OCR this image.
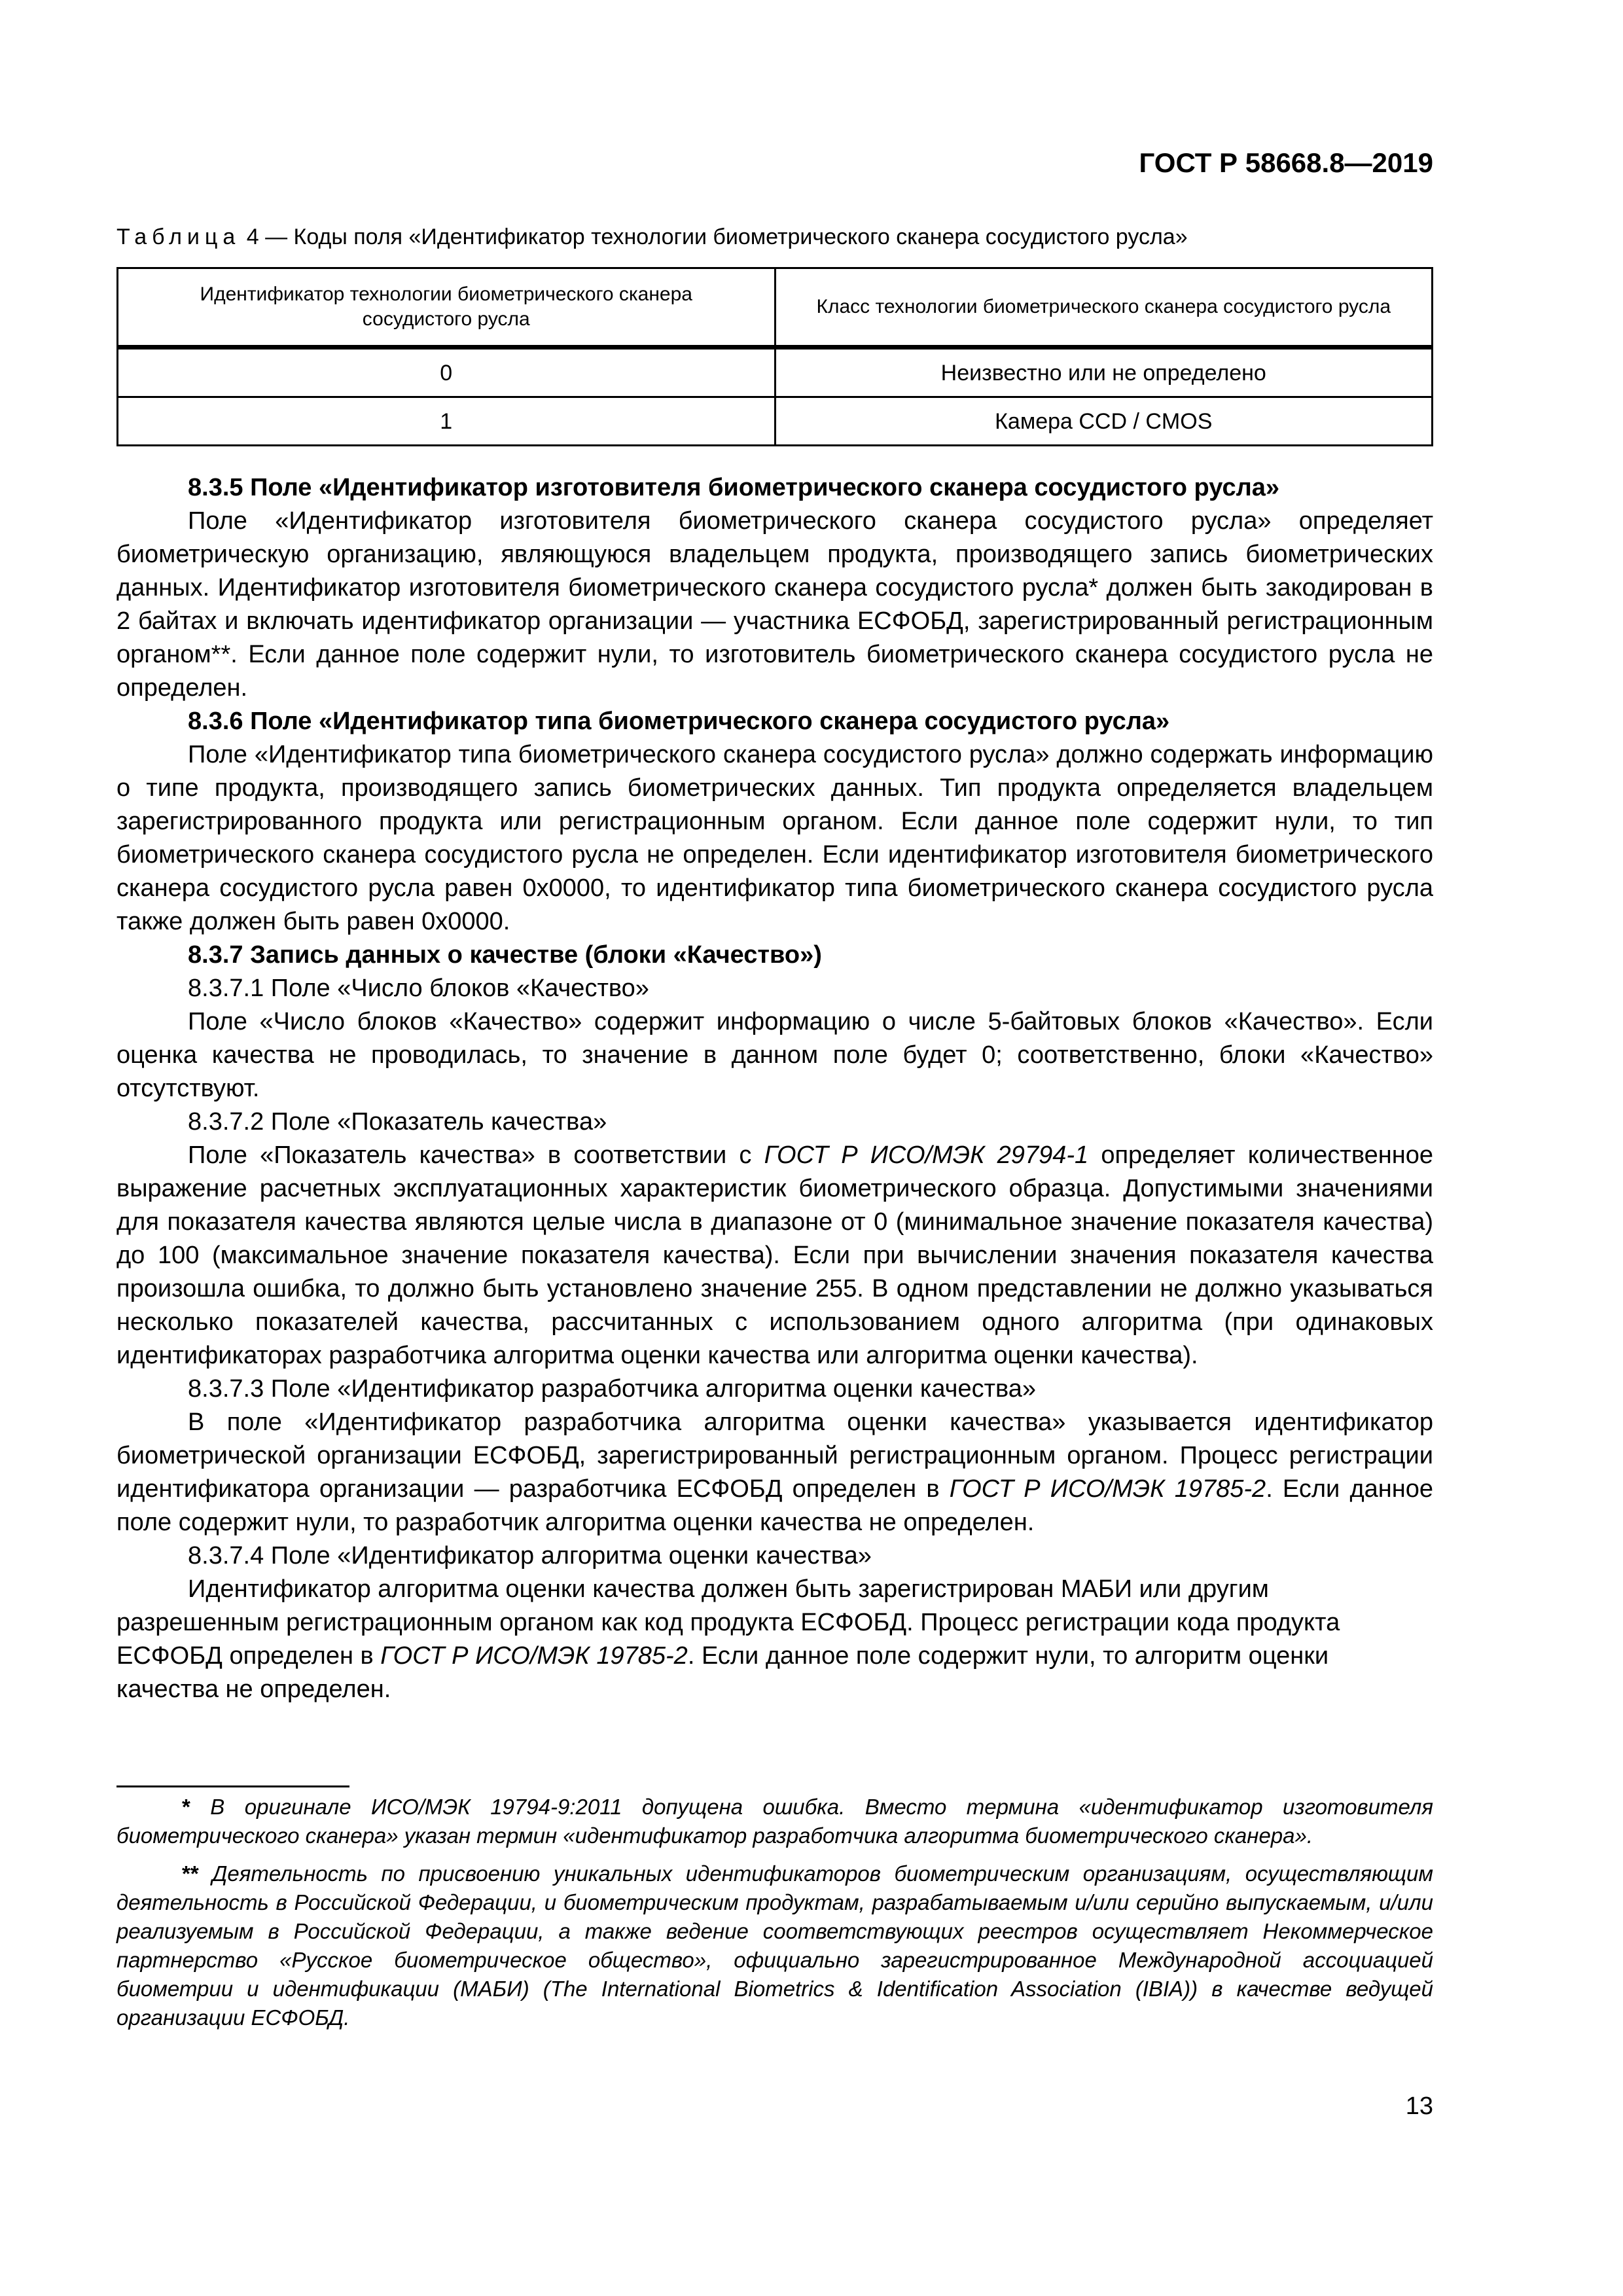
ГОСТ Р 58668.8—2019
Таблица 4 — Коды поля «Идентификатор технологии биометрического сканера сосудистого русла»
Идентификатор технологии биометрического сканера сосудистого русла	Класс технологии биометрического сканера сосудистого русла
0	Неизвестно или не определено
1	Камера CCD / CMOS

8.3.5 Поле «Идентификатор изготовителя биометрического сканера сосудистого русла»

Поле «Идентификатор изготовителя биометрического сканера сосудистого русла» определяет биометрическую организацию, являющуюся владельцем продукта, производящего запись биометрических данных. Идентификатор изготовителя биометрического сканера сосудистого русла* должен быть закодирован в 2 байтах и включать идентификатор организации — участника ЕСФОБД, зарегистрированный регистрационным органом**. Если данное поле содержит нули, то изготовитель биометрического сканера сосудистого русла не определен.

8.3.6 Поле «Идентификатор типа биометрического сканера сосудистого русла»

Поле «Идентификатор типа биометрического сканера сосудистого русла» должно содержать информацию о типе продукта, производящего запись биометрических данных. Тип продукта определяется владельцем зарегистрированного продукта или регистрационным органом. Если данное поле содержит нули, то тип биометрического сканера сосудистого русла не определен. Если идентификатор изготовителя биометрического сканера сосудистого русла равен 0x0000, то идентификатор типа биометрического сканера сосудистого русла также должен быть равен 0x0000.

8.3.7 Запись данных о качестве (блоки «Качество»)

8.3.7.1 Поле «Число блоков «Качество»

Поле «Число блоков «Качество» содержит информацию о числе 5-байтовых блоков «Качество». Если оценка качества не проводилась, то значение в данном поле будет 0; соответственно, блоки «Качество» отсутствуют.

8.3.7.2 Поле «Показатель качества»

Поле «Показатель качества» в соответствии с ГОСТ Р ИСО/МЭК 29794-1 определяет количественное выражение расчетных эксплуатационных характеристик биометрического образца. Допустимыми значениями для показателя качества являются целые числа в диапазоне от 0 (минимальное значение показателя качества) до 100 (максимальное значение показателя качества). Если при вычислении значения показателя качества произошла ошибка, то должно быть установлено значение 255. В одном представлении не должно указываться несколько показателей качества, рассчитанных с использованием одного алгоритма (при одинаковых идентификаторах разработчика алгоритма оценки качества или алгоритма оценки качества).

8.3.7.3 Поле «Идентификатор разработчика алгоритма оценки качества»

В поле «Идентификатор разработчика алгоритма оценки качества» указывается идентификатор биометрической организации ЕСФОБД, зарегистрированный регистрационным органом. Процесс регистрации идентификатора организации — разработчика ЕСФОБД определен в ГОСТ Р ИСО/МЭК 19785-2. Если данное поле содержит нули, то разработчик алгоритма оценки качества не определен.

8.3.7.4 Поле «Идентификатор алгоритма оценки качества»

Идентификатор алгоритма оценки качества должен быть зарегистрирован МАБИ или другим разрешенным регистрационным органом как код продукта ЕСФОБД. Процесс регистрации кода продукта ЕСФОБД определен в ГОСТ Р ИСО/МЭК 19785-2. Если данное поле содержит нули, то алгоритм оценки качества не определен.

* В оригинале ИСО/МЭК 19794-9:2011 допущена ошибка. Вместо термина «идентификатор изготовителя биометрического сканера» указан термин «идентификатор разработчика алгоритма биометрического сканера».

** Деятельность по присвоению уникальных идентификаторов биометрическим организациям, осуществляющим деятельность в Российской Федерации, и биометрическим продуктам, разрабатываемым и/или серийно выпускаемым, и/или реализуемым в Российской Федерации, а также ведение соответствующих реестров осуществляет Некоммерческое партнерство «Русское биометрическое общество», официально зарегистрированное Международной ассоциацией биометрии и идентификации (МАБИ) (The International Biometrics & Identification Association (IBIA)) в качестве ведущей организации ЕСФОБД.

13
